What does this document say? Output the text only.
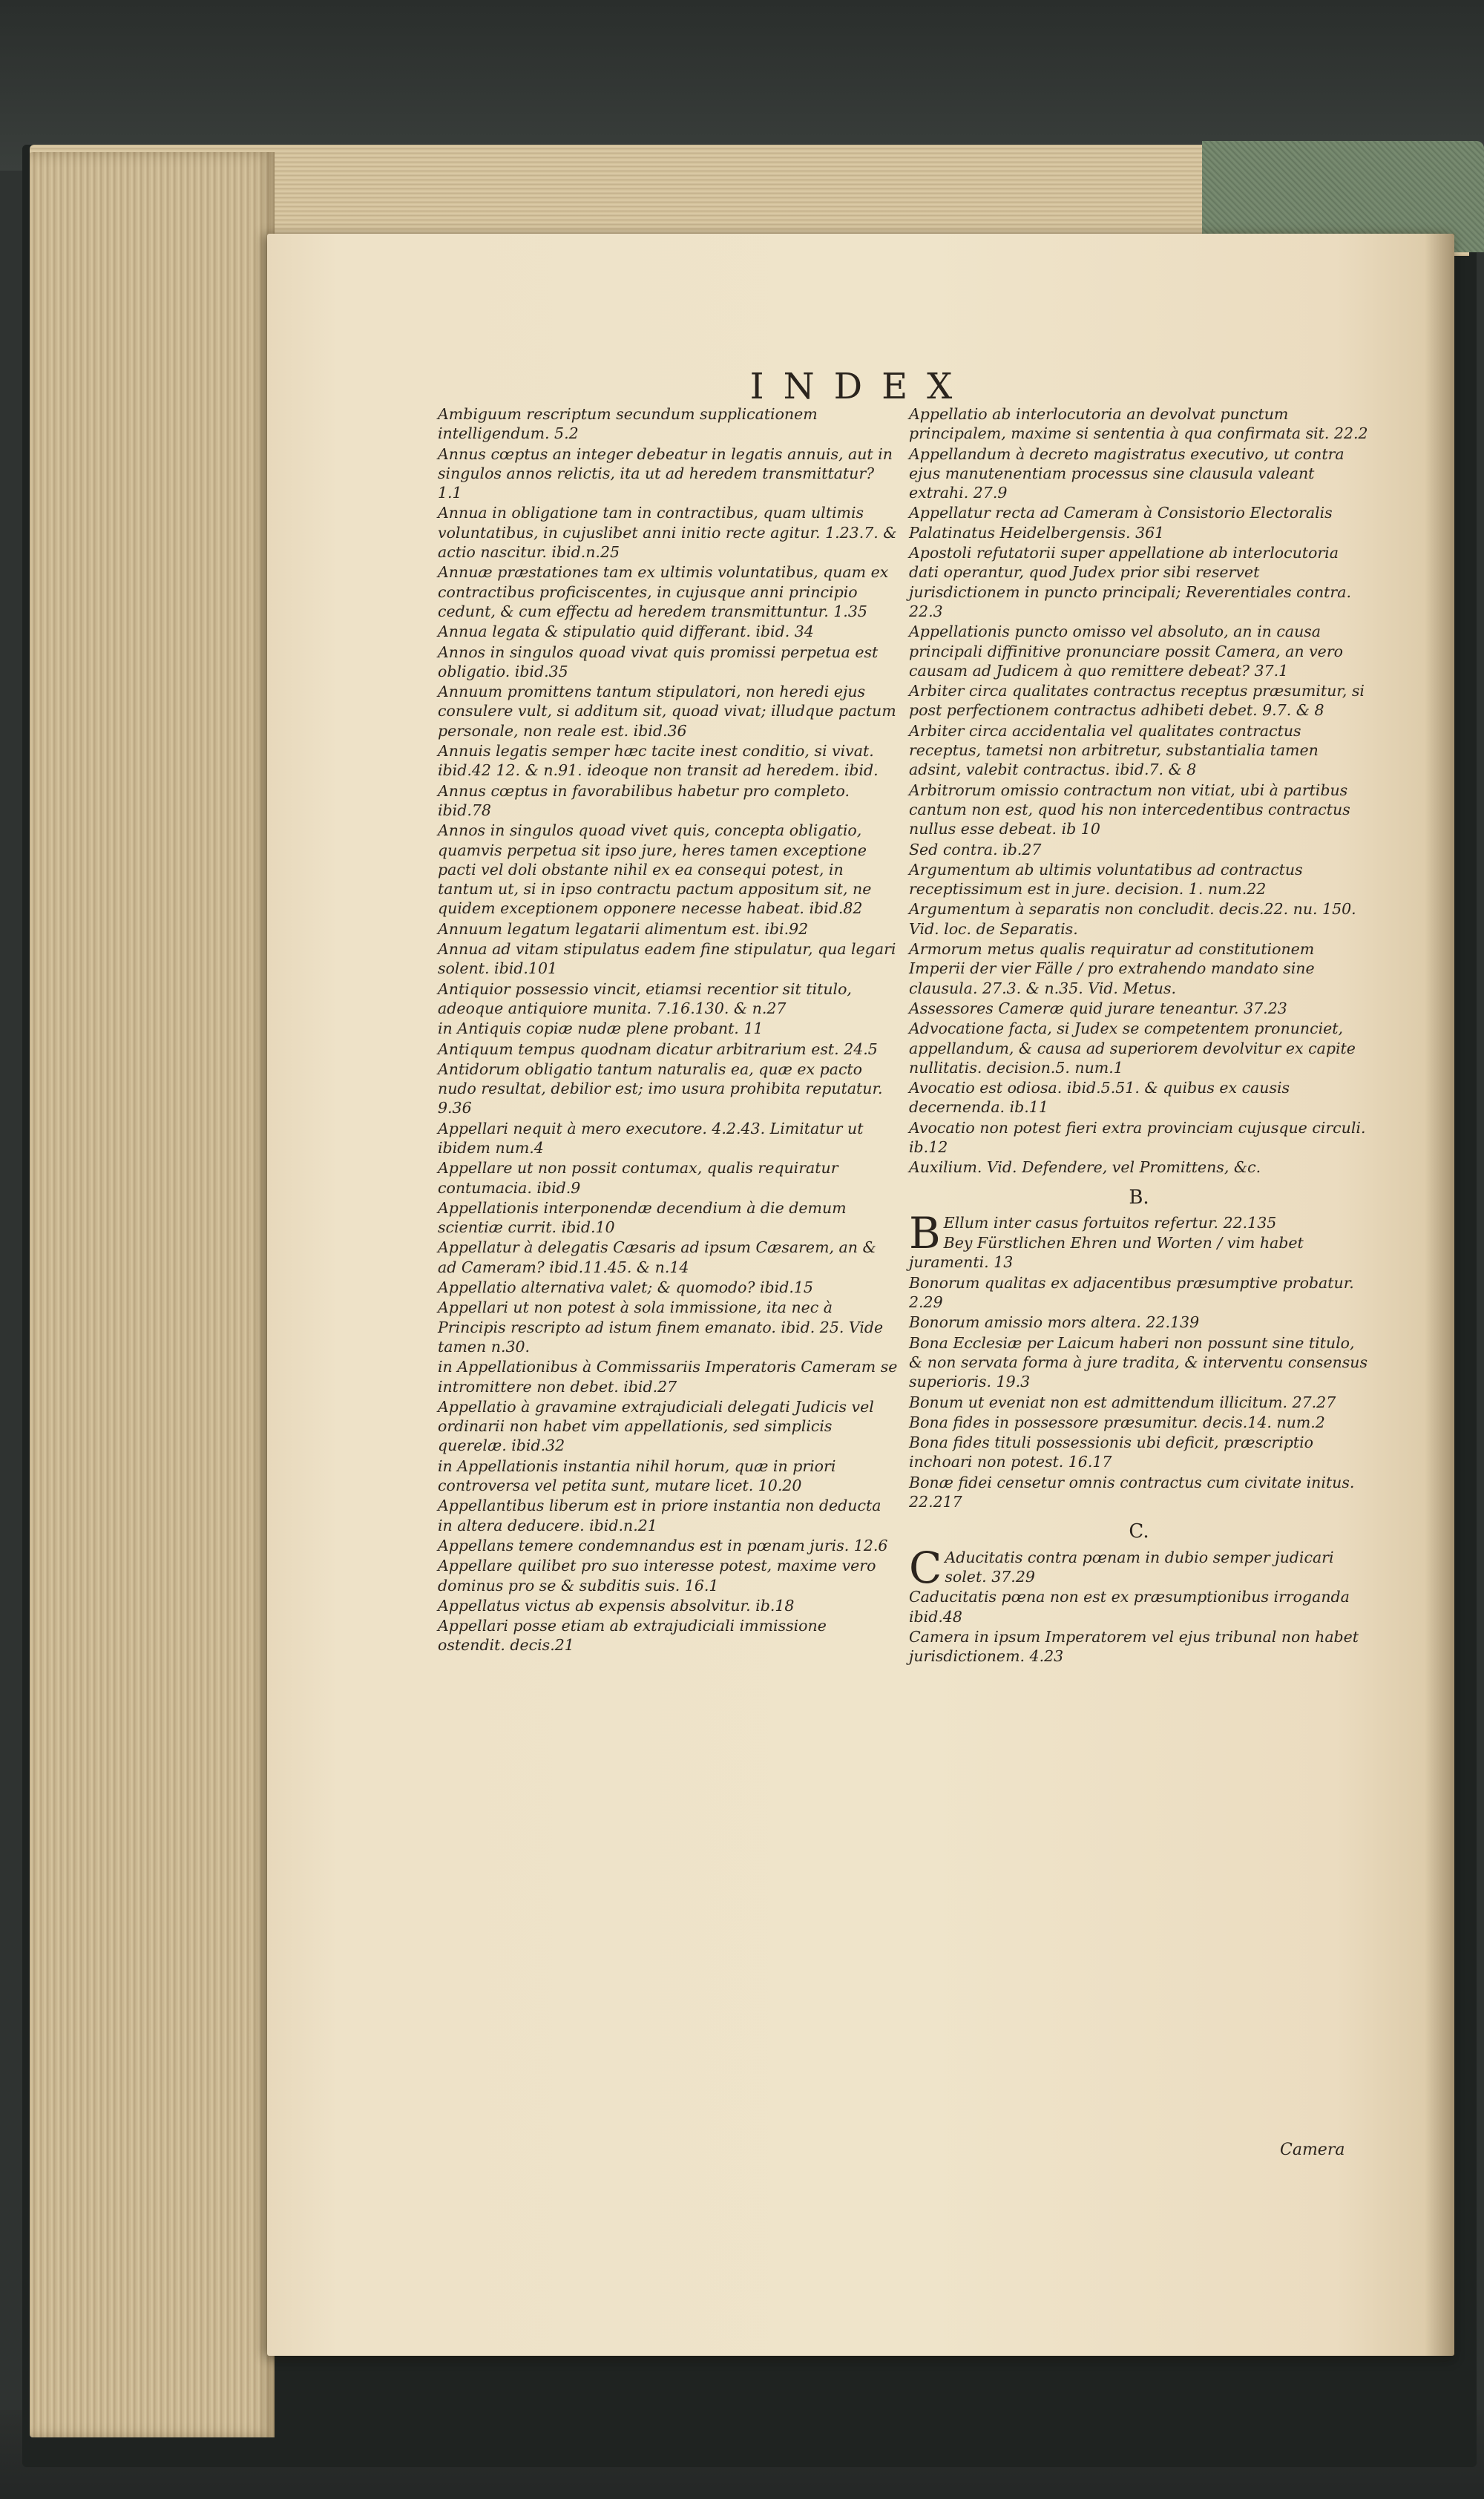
INDEX
Ambiguum rescriptum secundum supplicationem intelligendum. 5.2
Annus cœptus an integer debeatur in legatis annuis, aut in singulos annos relictis, ita ut ad heredem transmittatur? 1.1
Annua in obligatione tam in contractibus, quam ultimis voluntatibus, in cujuslibet anni initio recte agitur. 1.23.7. & actio nascitur. ibid.n.25
Annuæ præstationes tam ex ultimis voluntatibus, quam ex contractibus proficiscentes, in cujusque anni principio cedunt, & cum effectu ad heredem transmittuntur. 1.35
Annua legata & stipulatio quid differant. ibid. 34
Annos in singulos quoad vivat quis promissi perpetua est obligatio. ibid.35
Annuum promittens tantum stipulatori, non heredi ejus consulere vult, si additum sit, quoad vivat; illudque pactum personale, non reale est. ibid.36
Annuis legatis semper hæc tacite inest conditio, si vivat. ibid.42 12. & n.91. ideoque non transit ad heredem. ibid.
Annus cœptus in favorabilibus habetur pro completo. ibid.78
Annos in singulos quoad vivet quis, concepta obligatio, quamvis perpetua sit ipso jure, heres tamen exceptione pacti vel doli obstante nihil ex ea consequi potest, in tantum ut, si in ipso contractu pactum appositum sit, ne quidem exceptionem opponere necesse habeat. ibid.82
Annuum legatum legatarii alimentum est. ibi.92
Annua ad vitam stipulatus eadem fine stipulatur, qua legari solent. ibid.101
Antiquior possessio vincit, etiamsi recentior sit titulo, adeoque antiquiore munita. 7.16.130. & n.27
in Antiquis copiæ nudæ plene probant. 11
Antiquum tempus quodnam dicatur arbitrarium est. 24.5
Antidorum obligatio tantum naturalis ea, quæ ex pacto nudo resultat, debilior est; imo usura prohibita reputatur. 9.36
Appellari nequit à mero executore. 4.2.43. Limitatur ut ibidem num.4
Appellare ut non possit contumax, qualis requiratur contumacia. ibid.9
Appellationis interponendæ decendium à die demum scientiæ currit. ibid.10
Appellatur à delegatis Cæsaris ad ipsum Cæsarem, an & ad Cameram? ibid.11.45. & n.14
Appellatio alternativa valet; & quomodo? ibid.15
Appellari ut non potest à sola immissione, ita nec à Principis rescripto ad istum finem emanato. ibid. 25. Vide tamen n.30.
in Appellationibus à Commissariis Imperatoris Cameram se intromittere non debet. ibid.27
Appellatio à gravamine extrajudiciali delegati Judicis vel ordinarii non habet vim appellationis, sed simplicis querelæ. ibid.32
in Appellationis instantia nihil horum, quæ in priori controversa vel petita sunt, mutare licet. 10.20
Appellantibus liberum est in priore instantia non deducta in altera deducere. ibid.n.21
Appellans temere condemnandus est in pœnam juris. 12.6
Appellare quilibet pro suo interesse potest, maxime vero dominus pro se & subditis suis. 16.1
Appellatus victus ab expensis absolvitur. ib.18
Appellari posse etiam ab extrajudiciali immissione ostendit. decis.21
Appellatio ab interlocutoria an devolvat punctum principalem, maxime si sententia à qua confirmata sit. 22.2
Appellandum à decreto magistratus executivo, ut contra ejus manutenentiam processus sine clausula valeant extrahi. 27.9
Appellatur recta ad Cameram à Consistorio Electoralis Palatinatus Heidelbergensis. 361
Apostoli refutatorii super appellatione ab interlocutoria dati operantur, quod Judex prior sibi reservet jurisdictionem in puncto principali; Reverentiales contra. 22.3
Appellationis puncto omisso vel absoluto, an in causa principali diffinitive pronunciare possit Camera, an vero causam ad Judicem à quo remittere debeat? 37.1
Arbiter circa qualitates contractus receptus præsumitur, si post perfectionem contractus adhibeti debet. 9.7. & 8
Arbiter circa accidentalia vel qualitates contractus receptus, tametsi non arbitretur, substantialia tamen adsint, valebit contractus. ibid.7. & 8
Arbitrorum omissio contractum non vitiat, ubi à partibus cantum non est, quod his non intercedentibus contractus nullus esse debeat. ib 10
Sed contra. ib.27
Argumentum ab ultimis voluntatibus ad contractus receptissimum est in jure. decision. 1. num.22
Argumentum à separatis non concludit. decis.22. nu. 150. Vid. loc. de Separatis.
Armorum metus qualis requiratur ad constitutionem Imperii der vier Fälle / pro extrahendo mandato sine clausula. 27.3. & n.35. Vid. Metus.
Assessores Cameræ quid jurare teneantur. 37.23
Advocatione facta, si Judex se competentem pronunciet, appellandum, & causa ad superiorem devolvitur ex capite nullitatis. decision.5. num.1
Avocatio est odiosa. ibid.5.51. & quibus ex causis decernenda. ib.11
Avocatio non potest fieri extra provinciam cujusque circuli. ib.12
Auxilium. Vid. Defendere, vel Promittens, &c.
B.
B Ellum inter casus fortuitos refertur. 22.135
Bey Fürstlichen Ehren und Worten / vim habet juramenti. 13
Bonorum qualitas ex adjacentibus præsumptive probatur. 2.29
Bonorum amissio mors altera. 22.139
Bona Ecclesiæ per Laicum haberi non possunt sine titulo, & non servata forma à jure tradita, & interventu consensus superioris. 19.3
Bonum ut eveniat non est admittendum illicitum. 27.27
Bona fides in possessore præsumitur. decis.14. num.2
Bona fides tituli possessionis ubi deficit, præscriptio inchoari non potest. 16.17
Bonæ fidei censetur omnis contractus cum civitate initus. 22.217
C.
C Aducitatis contra pœnam in dubio semper judicari solet. 37.29
Caducitatis pœna non est ex præsumptionibus irroganda ibid.48
Camera in ipsum Imperatorem vel ejus tribunal non habet jurisdictionem. 4.23
Camera
